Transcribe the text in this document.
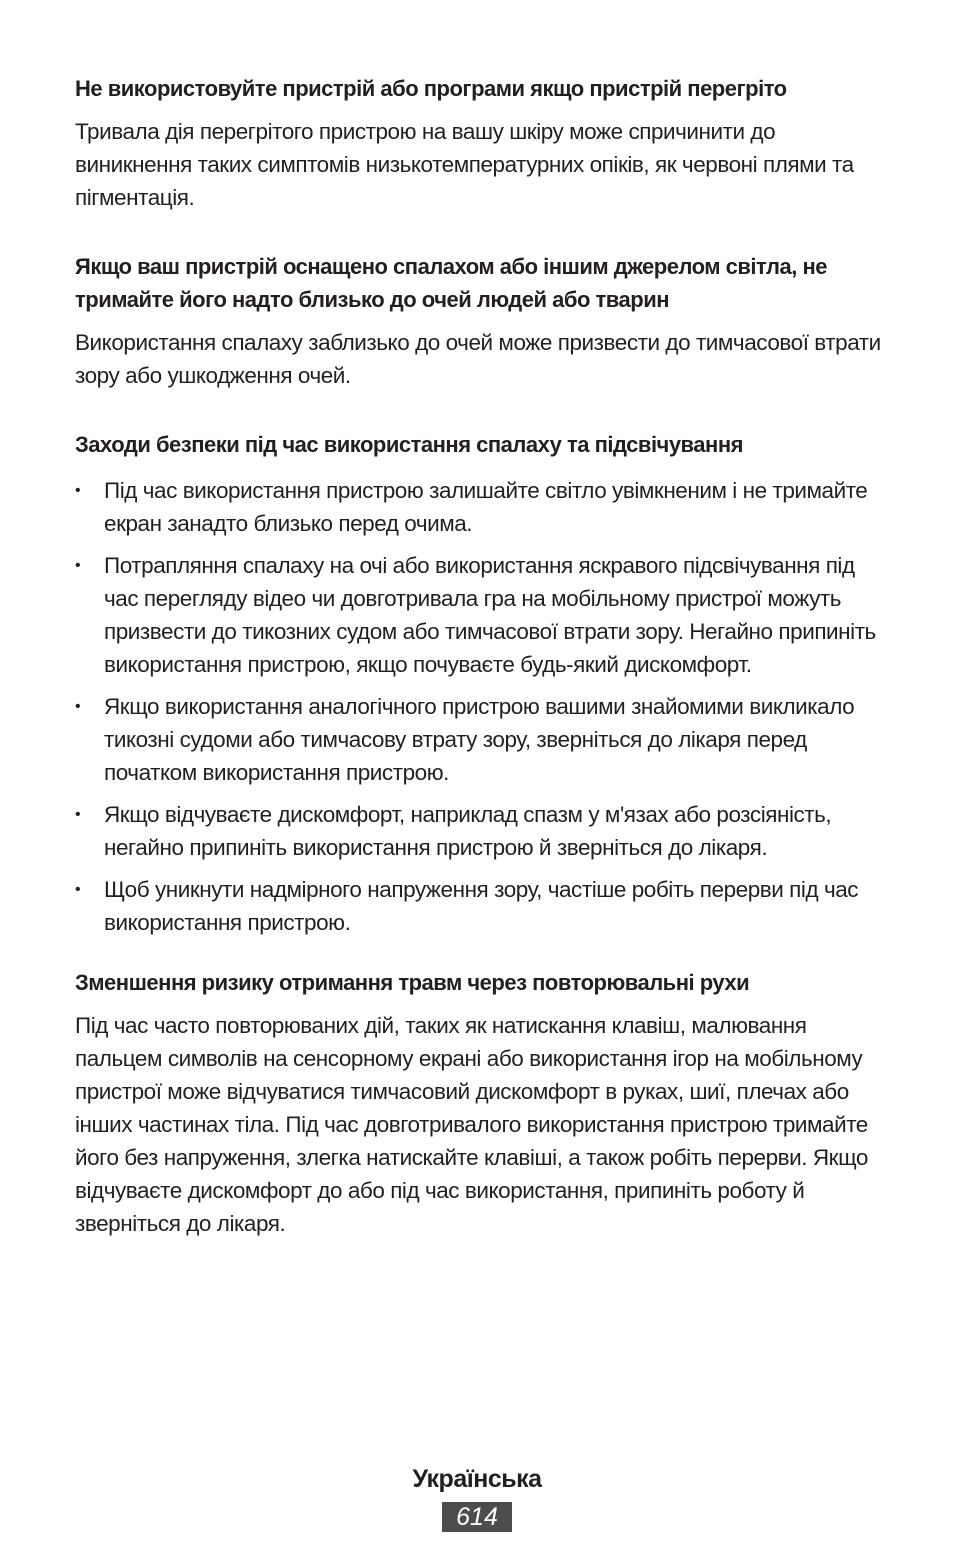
Не використовуйте пристрій або програми якщо пристрій перегріто

Тривала дія перегрітого пристрою на вашу шкіру може спричинити до виникнення таких симптомів низькотемпературних опіків, як червоні плями та пігментація.

Якщо ваш пристрій оснащено спалахом або іншим джерелом світла, не тримайте його надто близько до очей людей або тварин

Використання спалаху заблизько до очей може призвести до тимчасової втрати зору або ушкодження очей.

Заходи безпеки під час використання спалаху та підсвічування

• Під час використання пристрою залишайте світло увімкненим і не тримайте екран занадто близько перед очима.
• Потрапляння спалаху на очі або використання яскравого підсвічування під час перегляду відео чи довготривала гра на мобільному пристрої можуть призвести до тикозних судом або тимчасової втрати зору. Негайно припиніть використання пристрою, якщо почуваєте будь-який дискомфорт.
• Якщо використання аналогічного пристрою вашими знайомими викликало тикозні судоми або тимчасову втрату зору, зверніться до лікаря перед початком використання пристрою.
• Якщо відчуваєте дискомфорт, наприклад спазм у м'язах або розсіяність, негайно припиніть використання пристрою й зверніться до лікаря.
• Щоб уникнути надмірного напруження зору, частіше робіть перерви під час використання пристрою.

Зменшення ризику отримання травм через повторювальні рухи

Під час часто повторюваних дій, таких як натискання клавіш, малювання пальцем символів на сенсорному екрані або використання ігор на мобільному пристрої може відчуватися тимчасовий дискомфорт в руках, шиї, плечах або інших частинах тіла. Під час довготривалого використання пристрою тримайте його без напруження, злегка натискайте клавіші, а також робіть перерви. Якщо відчуваєте дискомфорт до або під час використання, припиніть роботу й зверніться до лікаря.

Українська
614
